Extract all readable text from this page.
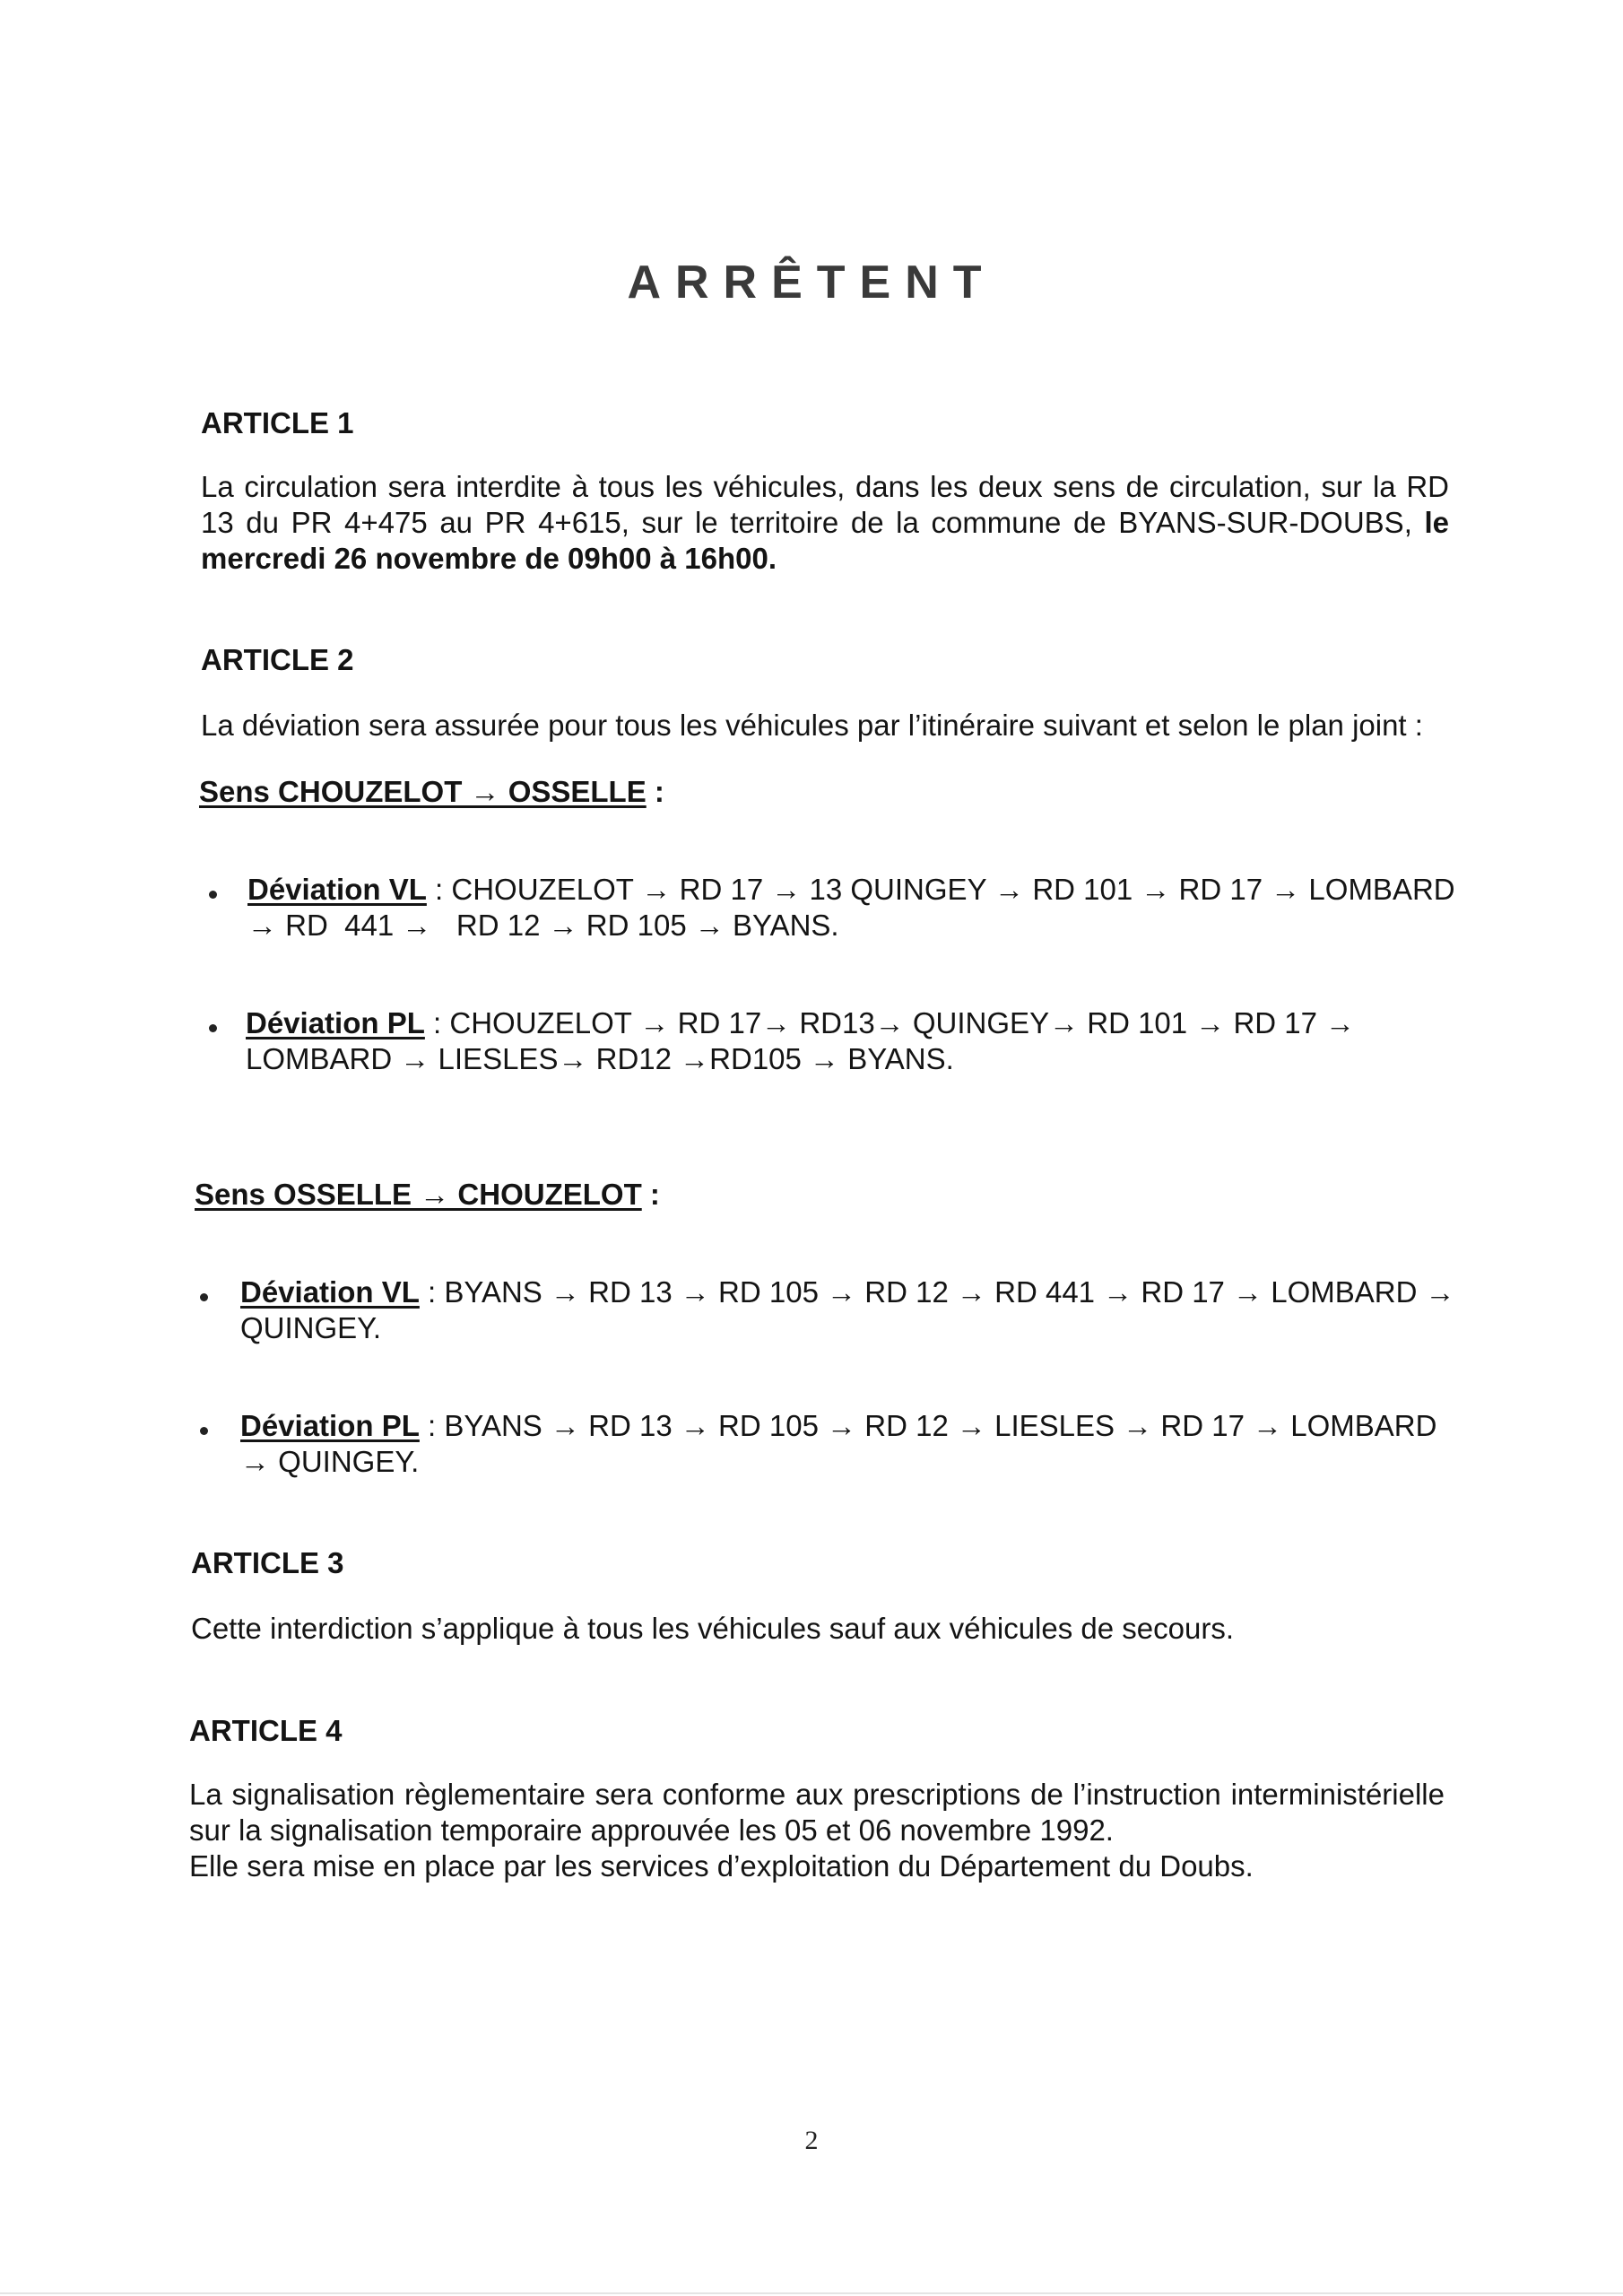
ARRÊTENT
ARTICLE 1
La circulation sera interdite à tous les véhicules, dans les deux sens de circulation, sur la RD 13 du PR 4+475 au PR 4+615, sur le territoire de la commune de BYANS-SUR-DOUBS, le mercredi 26 novembre de 09h00 à 16h00.
ARTICLE 2
La déviation sera assurée pour tous les véhicules par l’itinéraire suivant et selon le plan joint :
Sens CHOUZELOT → OSSELLE :
Déviation VL : CHOUZELOT → RD 17 → 13 QUINGEY → RD 101 → RD 17 → LOMBARD
→ RD  441 →   RD 12 → RD 105 → BYANS.
Déviation PL : CHOUZELOT → RD 17→ RD13→ QUINGEY→ RD 101 → RD 17 →
LOMBARD → LIESLES→ RD12 →RD105 → BYANS.
Sens OSSELLE → CHOUZELOT :
Déviation VL : BYANS → RD 13 → RD 105 → RD 12 → RD 441 → RD 17 → LOMBARD →
QUINGEY.
Déviation PL : BYANS → RD 13 → RD 105 → RD 12 → LIESLES → RD 17 → LOMBARD
→ QUINGEY.
ARTICLE 3
Cette interdiction s’applique à tous les véhicules sauf aux véhicules de secours.
ARTICLE 4
La signalisation règlementaire sera conforme aux prescriptions de l’instruction interministérielle sur la signalisation temporaire approuvée les 05 et 06 novembre 1992.
Elle sera mise en place par les services d’exploitation du Département du Doubs.
2
